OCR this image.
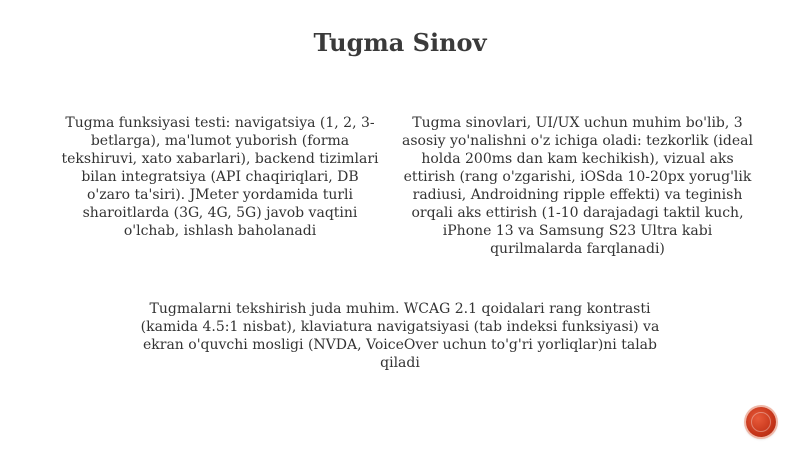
Tugma Sinov

Tugma funksiyasi testi: navigatsiya (1, 2, 3-betlarga), ma'lumot yuborish (forma tekshiruvi, xato xabarlari), backend tizimlari bilan integratsiya (API chaqiriqlari, DB o'zaro ta'siri). JMeter yordamida turli sharoitlarda (3G, 4G, 5G) javob vaqtini o'lchab, ishlash baholanadi

Tugma sinovlari, UI/UX uchun muhim bo'lib, 3 asosiy yo'nalishni o'z ichiga oladi: tezkorlik (ideal holda 200ms dan kam kechikish), vizual aks ettirish (rang o'zgarishi, iOSda 10-20px yorug'lik radiusi, Androidning ripple effekti) va teginish orqali aks ettirish (1-10 darajadagi taktil kuch, iPhone 13 va Samsung S23 Ultra kabi qurilmalarda farqlanadi)

Tugmalarni tekshirish juda muhim. WCAG 2.1 qoidalari rang kontrasti (kamida 4.5:1 nisbat), klaviatura navigatsiyasi (tab indeksi funksiyasi) va ekran o'quvchi mosligi (NVDA, VoiceOver uchun to'g'ri yorliqlar)ni talab qiladi
